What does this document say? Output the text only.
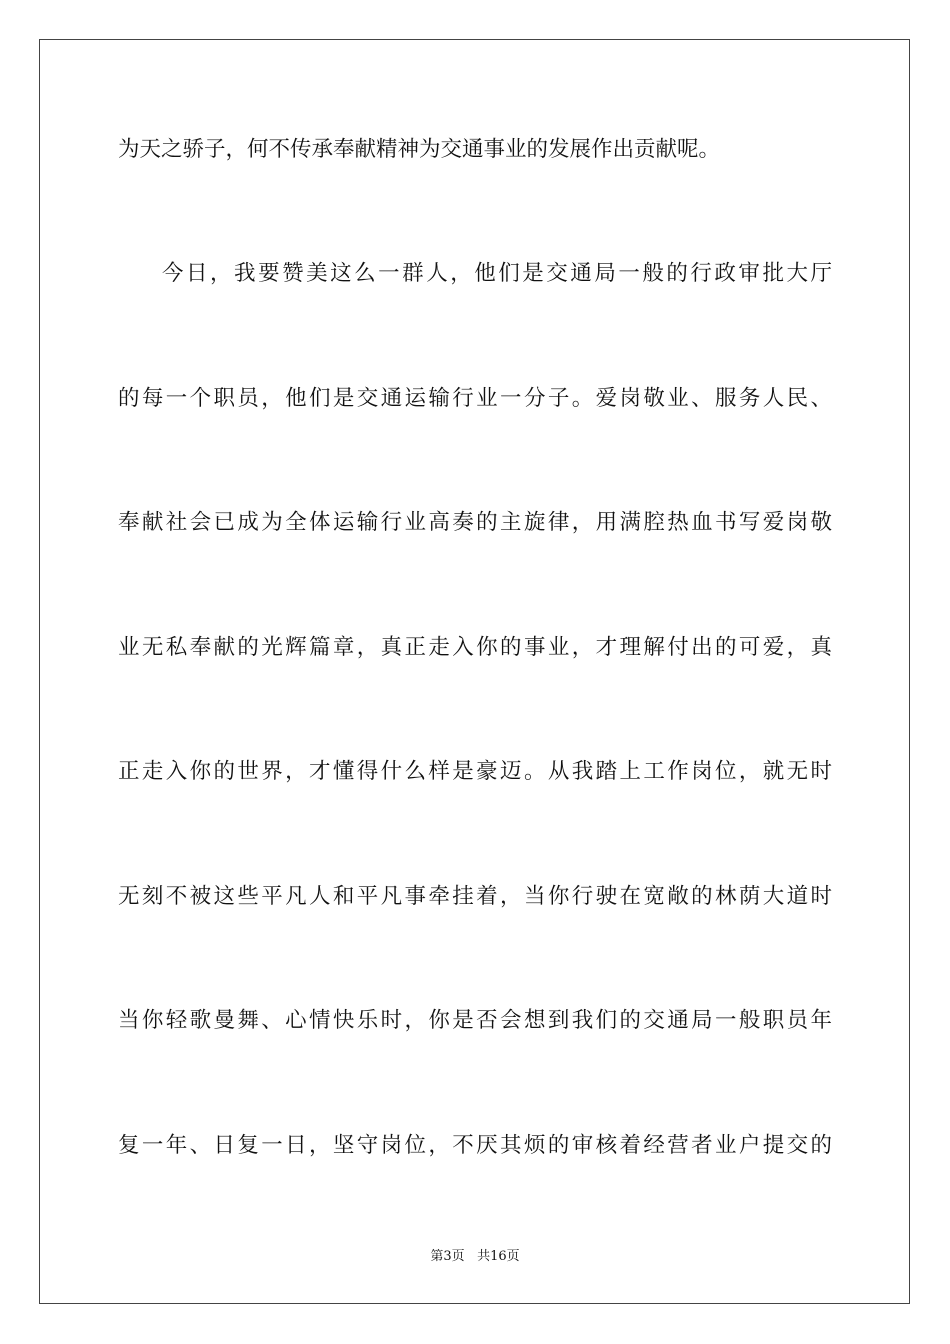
为天之骄子，何不传承奉献精神为交通事业的发展作出贡献呢。
今日，我要赞美这么一群人，他们是交通局一般的行政审批大厅
的每一个职员，他们是交通运输行业一分子。爱岗敬业、服务人民、
奉献社会已成为全体运输行业高奏的主旋律，用满腔热血书写爱岗敬
业无私奉献的光辉篇章，真正走入你的事业，才理解付出的可爱，真
正走入你的世界，才懂得什么样是豪迈。从我踏上工作岗位，就无时
无刻不被这些平凡人和平凡事牵挂着，当你行驶在宽敞的林荫大道时
当你轻歌曼舞、心情快乐时，你是否会想到我们的交通局一般职员年
复一年、日复一日，坚守岗位，不厌其烦的审核着经营者业户提交的
第3页 共16页
